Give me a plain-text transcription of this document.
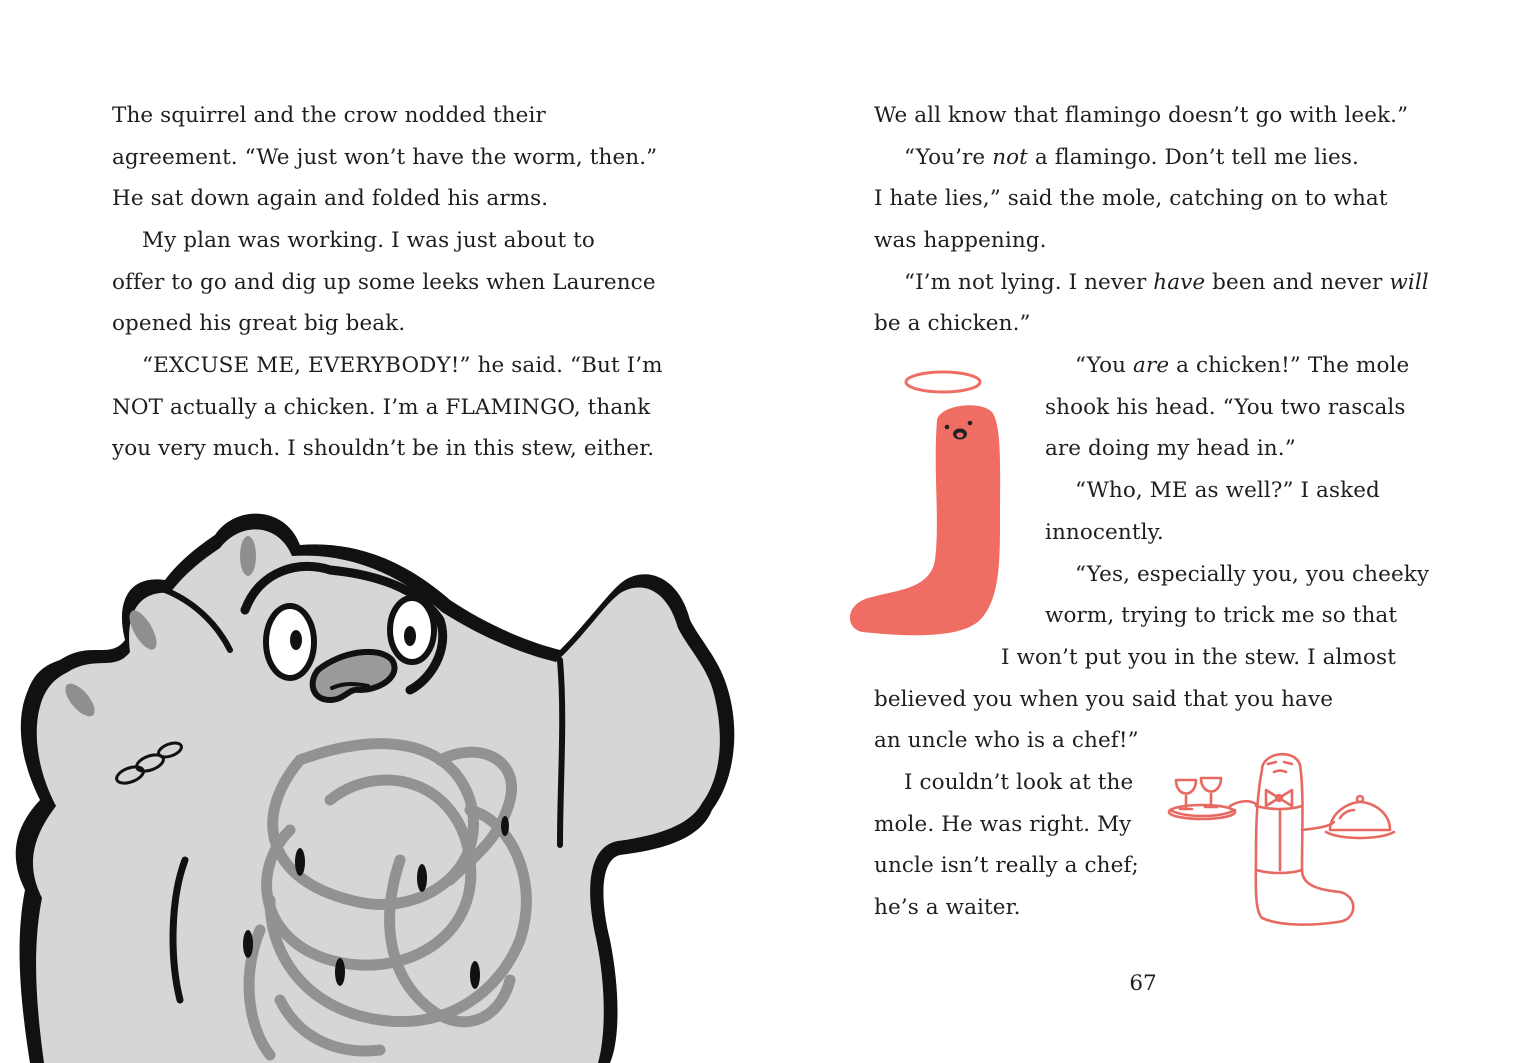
The squirrel and the crow nodded their
agreement. “We just won’t have the worm, then.”
He sat down again and folded his arms.
My plan was working. I was just about to
offer to go and dig up some leeks when Laurence
opened his great big beak.
“EXCUSE ME, EVERYBODY!” he said. “But I’m
NOT actually a chicken. I’m a FLAMINGO, thank
you very much. I shouldn’t be in this stew, either.
We all know that flamingo doesn’t go with leek.”
“You’re not a flamingo. Don’t tell me lies.
I hate lies,” said the mole, catching on to what
was happening.
“I’m not lying. I never have been and never will
be a chicken.”
“You are a chicken!” The mole
shook his head. “You two rascals
are doing my head in.”
“Who, ME as well?” I asked
innocently.
“Yes, especially you, you cheeky
worm, trying to trick me so that
I won’t put you in the stew. I almost
believed you when you said that you have
an uncle who is a chef!”
I couldn’t look at the
mole. He was right. My
uncle isn’t really a chef;
he’s a waiter.
67
